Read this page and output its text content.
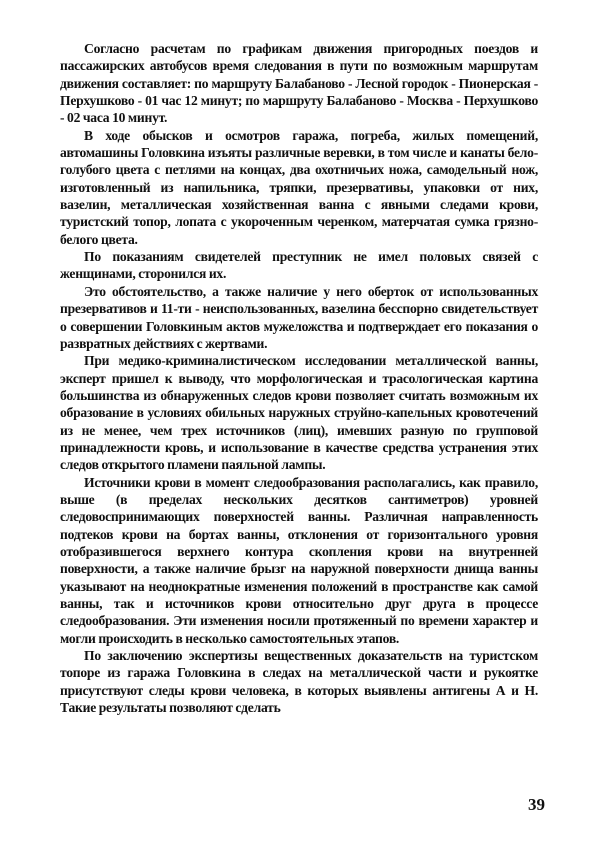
Согласно расчетам по графикам движения пригородных поездов и пассажирских автобусов время следования в пути по возможным маршрутам движения составляет: по маршруту Балабаново - Лесной городок - Пионерская - Перхушково - 01 час 12 минут; по маршруту Балабаново - Москва - Перхушково - 02 часа 10 минут.

В ходе обысков и осмотров гаража, погреба, жилых помещений, автомашины Головкина изъяты различные веревки, в том числе и канаты бело-голубого цвета с петлями на концах, два охотничьих ножа, самодельный нож, изготовленный из напильника, тряпки, презервативы, упаковки от них, вазелин, металлическая хозяйственная ванна с явными следами крови, туристский топор, лопата с укороченным черенком, матерчатая сумка грязно-белого цвета.

По показаниям свидетелей преступник не имел половых связей с женщинами, сторонился их.

Это обстоятельство, а также наличие у него оберток от использованных презервативов и 11-ти - неиспользованных, вазелина бесспорно свидетельствует о совершении Головкиным актов мужеложства и подтверждает его показания о развратных действиях с жертвами.

При медико-криминалистическом исследовании металлической ванны, эксперт пришел к выводу, что морфологическая и трасологическая картина большинства из обнаруженных следов крови позволяет считать возможным их образование в условиях обильных наружных струйно-капельных кровотечений из не менее, чем трех источников (лиц), имевших разную по групповой принадлежности кровь, и использование в качестве средства устранения этих следов открытого пламени паяльной лампы.

Источники крови в момент следообразования располагались, как правило, выше (в пределах нескольких десятков сантиметров) уровней следовоспринимающих поверхностей ванны. Различная направленность подтеков крови на бортах ванны, отклонения от горизонтального уровня отобразившегося верхнего контура скопления крови на внутренней поверхности, а также наличие брызг на наружной поверхности днища ванны указывают на неоднократные изменения положений в пространстве как самой ванны, так и источников крови относительно друг друга в процессе следообразования. Эти изменения носили протяженный по времени характер и могли происходить в несколько самостоятельных этапов.

По заключению экспертизы вещественных доказательств на туристском топоре из гаража Головкина в следах на металлической части и рукоятке присутствуют следы крови человека, в которых выявлены антигены А и Н. Такие результаты позволяют сделать

39
